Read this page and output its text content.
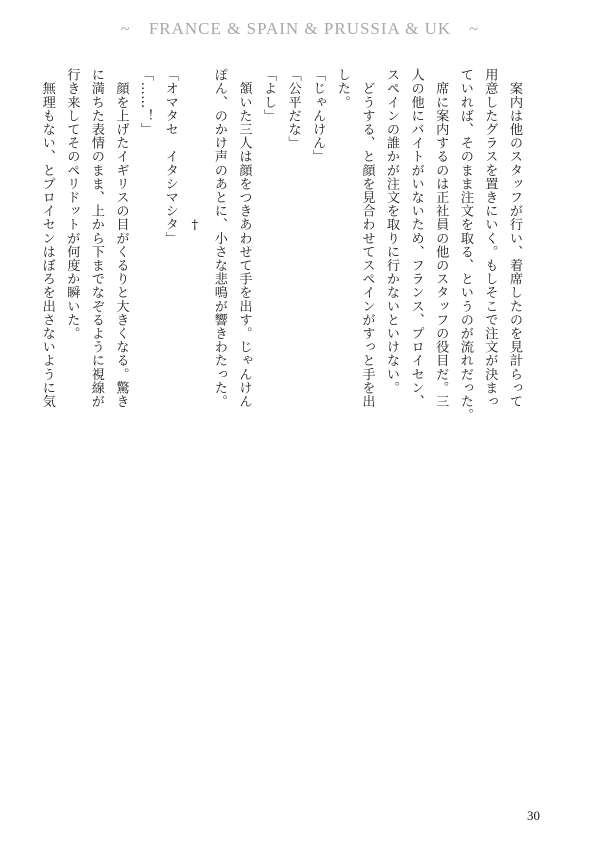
~　FRANCE & SPAIN & PRUSSIA & UK　~
　案内は他のスタッフが行い、着席したのを見計らって
用意したグラスを置きにいく。もしそこで注文が決まっ
ていれば、そのまま注文を取る、というのが流れだった。
　席に案内するのは正社員の他のスタッフの役目だ。三
人の他にバイトがいないため、フランス、プロイセン、
スペインの誰かが注文を取りに行かないといけない。
　どうする、と顔を見合わせてスペインがすっと手を出
した。
「じゃんけん」
「公平だな」
「よし」
　頷いた三人は顔をつきあわせて手を出す。じゃんけん
ぽん、のかけ声のあとに、小さな悲鳴が響きわたった。
†
「オマタセ　イタシマシタ」
「……！」
　顔を上げたイギリスの目がくるりと大きくなる。驚き
に満ちた表情のまま、上から下までなぞるように視線が
行き来してそのペリドットが何度か瞬いた。
　無理もない、とプロイセンはぼろを出さないように気
30
